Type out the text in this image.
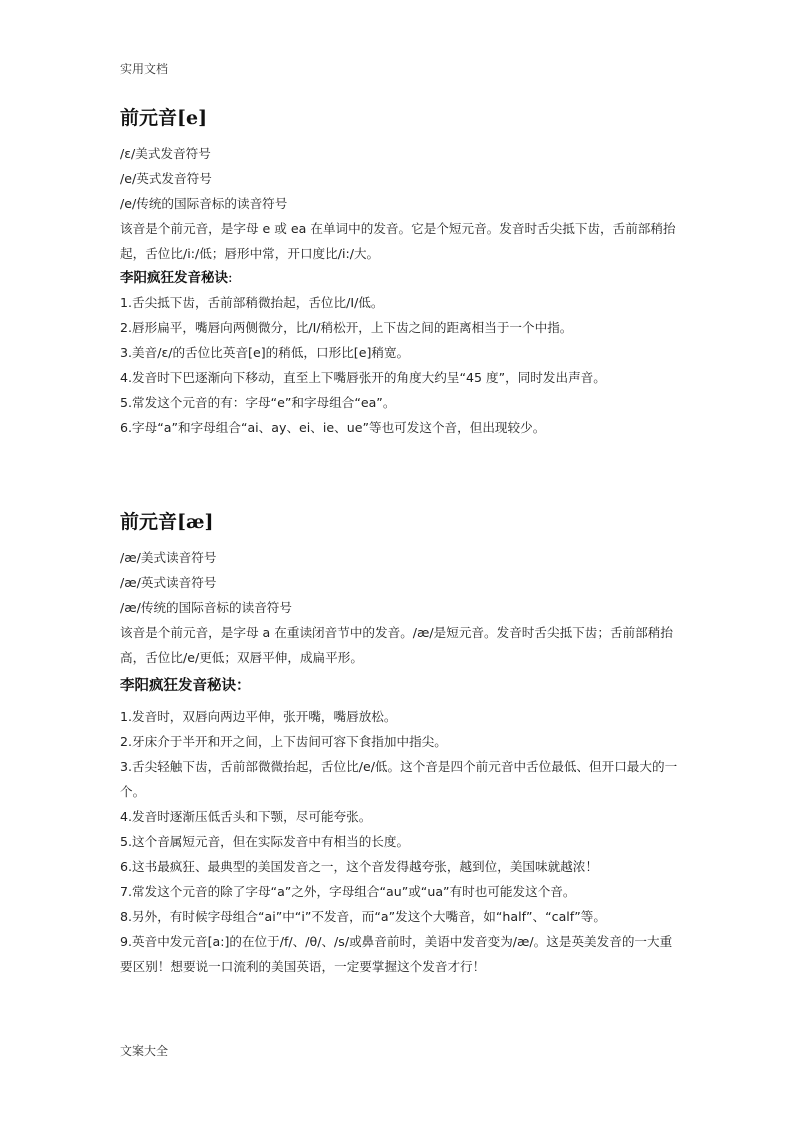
实用文档
前元音[e]

/ɛ/美式发音符号

/e/英式发音符号

/e/传统的国际音标的读音符号

该音是个前元音，是字母 e 或 ea 在单词中的发音。它是个短元音。发音时舌尖抵下齿，舌前部稍抬起，舌位比/i:/低；唇形中常，开口度比/i:/大。

李阳疯狂发音秘诀:

1.舌尖抵下齿，舌前部稍微抬起，舌位比/I/低。

2.唇形扁平，嘴唇向两侧微分，比/I/稍松开，上下齿之间的距离相当于一个中指。

3.美音/ɛ/的舌位比英音[e]的稍低，口形比[e]稍宽。

4.发音时下巴逐渐向下移动，直至上下嘴唇张开的角度大约呈“45 度”，同时发出声音。

5.常发这个元音的有：字母“e”和字母组合“ea”。

6.字母“a”和字母组合“ai、ay、ei、ie、ue”等也可发这个音，但出现较少。

前元音[æ]

/æ/美式读音符号

/æ/英式读音符号

/æ/传统的国际音标的读音符号

该音是个前元音，是字母 a 在重读闭音节中的发音。/æ/是短元音。发音时舌尖抵下齿；舌前部稍抬高，舌位比/e/更低；双唇平伸，成扁平形。

李阳疯狂发音秘诀：

1.发音时，双唇向两边平伸，张开嘴，嘴唇放松。

2.牙床介于半开和开之间，上下齿间可容下食指加中指尖。

3.舌尖轻触下齿，舌前部微微抬起，舌位比/e/低。这个音是四个前元音中舌位最低、但开口最大的一个。

4.发音时逐渐压低舌头和下颚，尽可能夸张。

5.这个音属短元音，但在实际发音中有相当的长度。

6.这书最疯狂、最典型的美国发音之一，这个音发得越夸张，越到位，美国味就越浓！

7.常发这个元音的除了字母“a”之外，字母组合“au”或“ua”有时也可能发这个音。

8.另外，有时候字母组合“ai”中“i”不发音，而“a”发这个大嘴音，如“half”、“calf”等。

9.英音中发元音[a:]的在位于/f/、/θ/、/s/或鼻音前时，美语中发音变为/æ/。这是英美发音的一大重要区别！想要说一口流利的美国英语，一定要掌握这个发音才行！

文案大全
